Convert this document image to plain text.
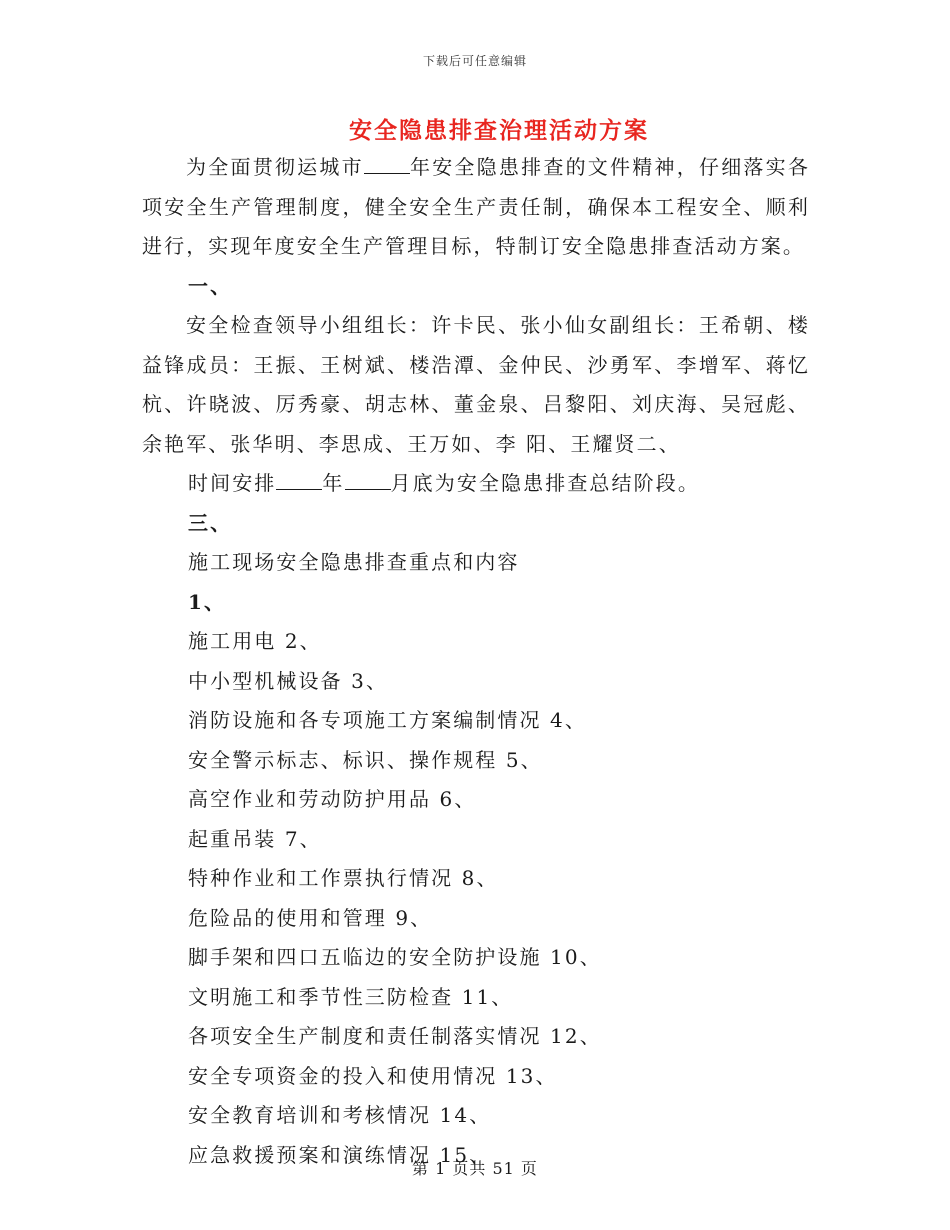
下载后可任意编辑
安全隐患排查治理活动方案

为全面贯彻运城市 年安全隐患排查的文件精神，仔细落实各项安全生产管理制度，健全安全生产责任制，确保本工程安全、顺利进行，实现年度安全生产管理目标，特制订安全隐患排查活动方案。

一、

安全检查领导小组组长：许卡民、张小仙女副组长：王希朝、楼益锋成员：王振、王树斌、楼浩潭、金仲民、沙勇军、李增军、蒋忆杭、许晓波、厉秀豪、胡志林、董金泉、吕黎阳、刘庆海、吴冠彪、余艳军、张华明、李思成、王万如、李 阳、王耀贤二、

时间安排 年 月底为安全隐患排查总结阶段。

三、

施工现场安全隐患排查重点和内容

1、

施工用电 2、

中小型机械设备 3、

消防设施和各专项施工方案编制情况 4、

安全警示标志、标识、操作规程 5、

高空作业和劳动防护用品 6、

起重吊装 7、

特种作业和工作票执行情况 8、

危险品的使用和管理 9、

脚手架和四口五临边的安全防护设施 10、

文明施工和季节性三防检查 11、

各项安全生产制度和责任制落实情况 12、

安全专项资金的投入和使用情况 13、

安全教育培训和考核情况 14、

应急救援预案和演练情况 15、

第 1 页共 51 页
